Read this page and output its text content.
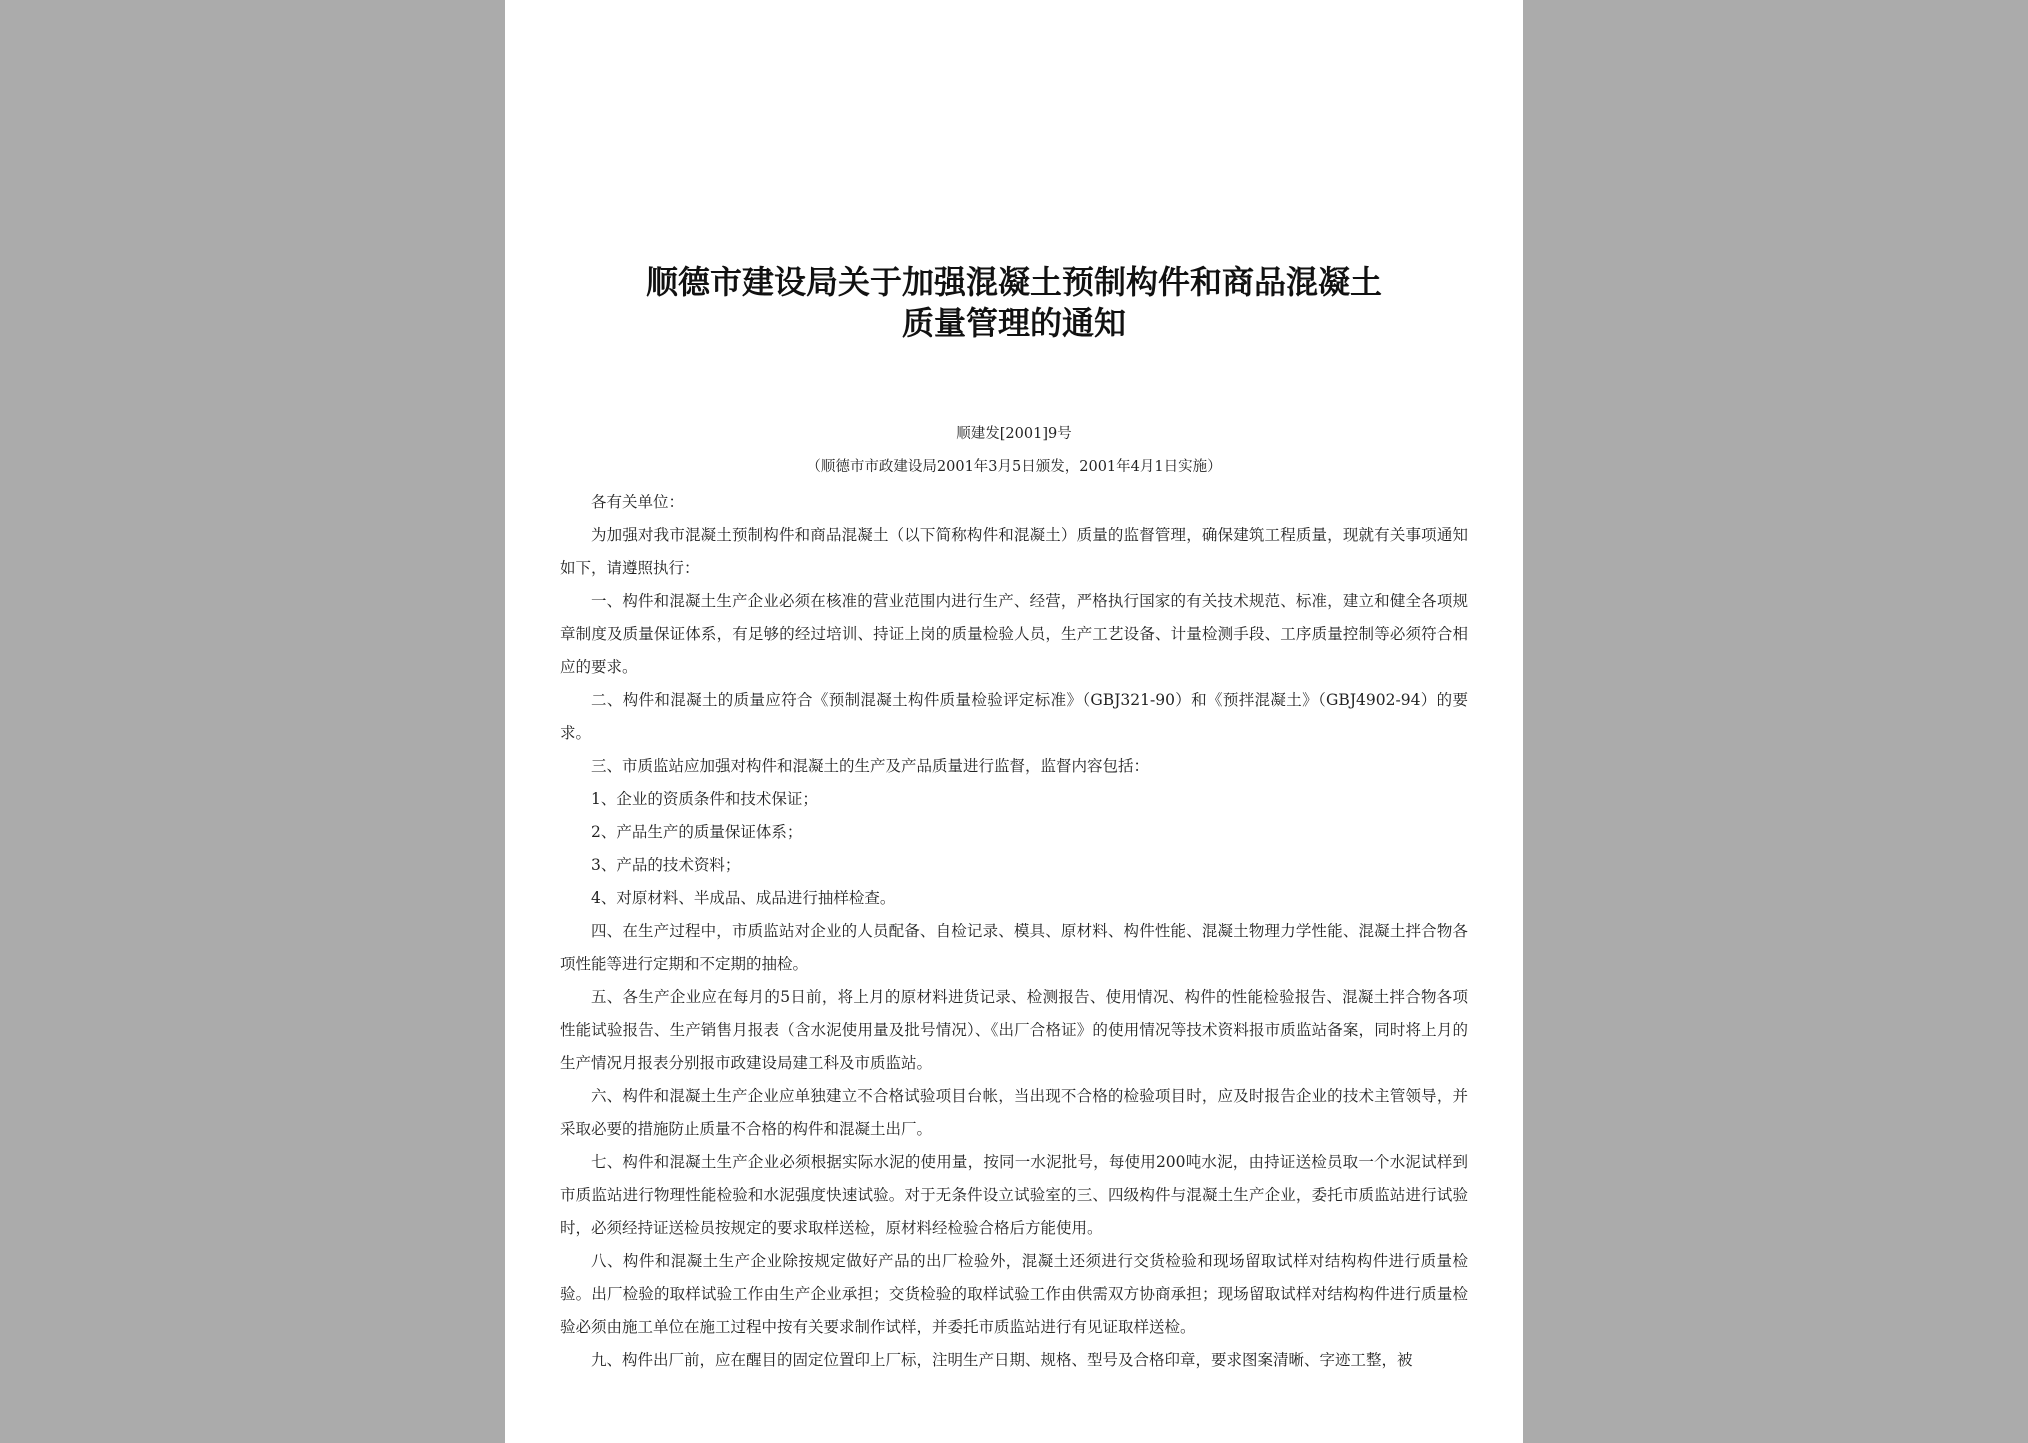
顺德市建设局关于加强混凝土预制构件和商品混凝土
质量管理的通知
顺建发[2001]9号
（顺德市市政建设局2001年3月5日颁发，2001年4月1日实施）

各有关单位：

为加强对我市混凝土预制构件和商品混凝土（以下简称构件和混凝土）质量的监督管理，确保建筑工程质量，现就有关事项通知如下，请遵照执行：

一、构件和混凝土生产企业必须在核准的营业范围内进行生产、经营，严格执行国家的有关技术规范、标准，建立和健全各项规章制度及质量保证体系，有足够的经过培训、持证上岗的质量检验人员，生产工艺设备、计量检测手段、工序质量控制等必须符合相应的要求。

二、构件和混凝土的质量应符合《预制混凝土构件质量检验评定标准》（GBJ321-90）和《预拌混凝土》（GBJ4902-94）的要求。

三、市质监站应加强对构件和混凝土的生产及产品质量进行监督，监督内容包括：

1、企业的资质条件和技术保证；

2、产品生产的质量保证体系；

3、产品的技术资料；

4、对原材料、半成品、成品进行抽样检查。

四、在生产过程中，市质监站对企业的人员配备、自检记录、模具、原材料、构件性能、混凝土物理力学性能、混凝土拌合物各项性能等进行定期和不定期的抽检。

五、各生产企业应在每月的5日前，将上月的原材料进货记录、检测报告、使用情况、构件的性能检验报告、混凝土拌合物各项性能试验报告、生产销售月报表（含水泥使用量及批号情况）、《出厂合格证》的使用情况等技术资料报市质监站备案，同时将上月的生产情况月报表分别报市政建设局建工科及市质监站。

六、构件和混凝土生产企业应单独建立不合格试验项目台帐，当出现不合格的检验项目时，应及时报告企业的技术主管领导，并采取必要的措施防止质量不合格的构件和混凝土出厂。

七、构件和混凝土生产企业必须根据实际水泥的使用量，按同一水泥批号，每使用200吨水泥，由持证送检员取一个水泥试样到市质监站进行物理性能检验和水泥强度快速试验。对于无条件设立试验室的三、四级构件与混凝土生产企业，委托市质监站进行试验时，必须经持证送检员按规定的要求取样送检，原材料经检验合格后方能使用。

八、构件和混凝土生产企业除按规定做好产品的出厂检验外，混凝土还须进行交货检验和现场留取试样对结构构件进行质量检验。出厂检验的取样试验工作由生产企业承担；交货检验的取样试验工作由供需双方协商承担；现场留取试样对结构构件进行质量检验必须由施工单位在施工过程中按有关要求制作试样，并委托市质监站进行有见证取样送检。

九、构件出厂前，应在醒目的固定位置印上厂标，注明生产日期、规格、型号及合格印章，要求图案清晰、字迹工整，被
